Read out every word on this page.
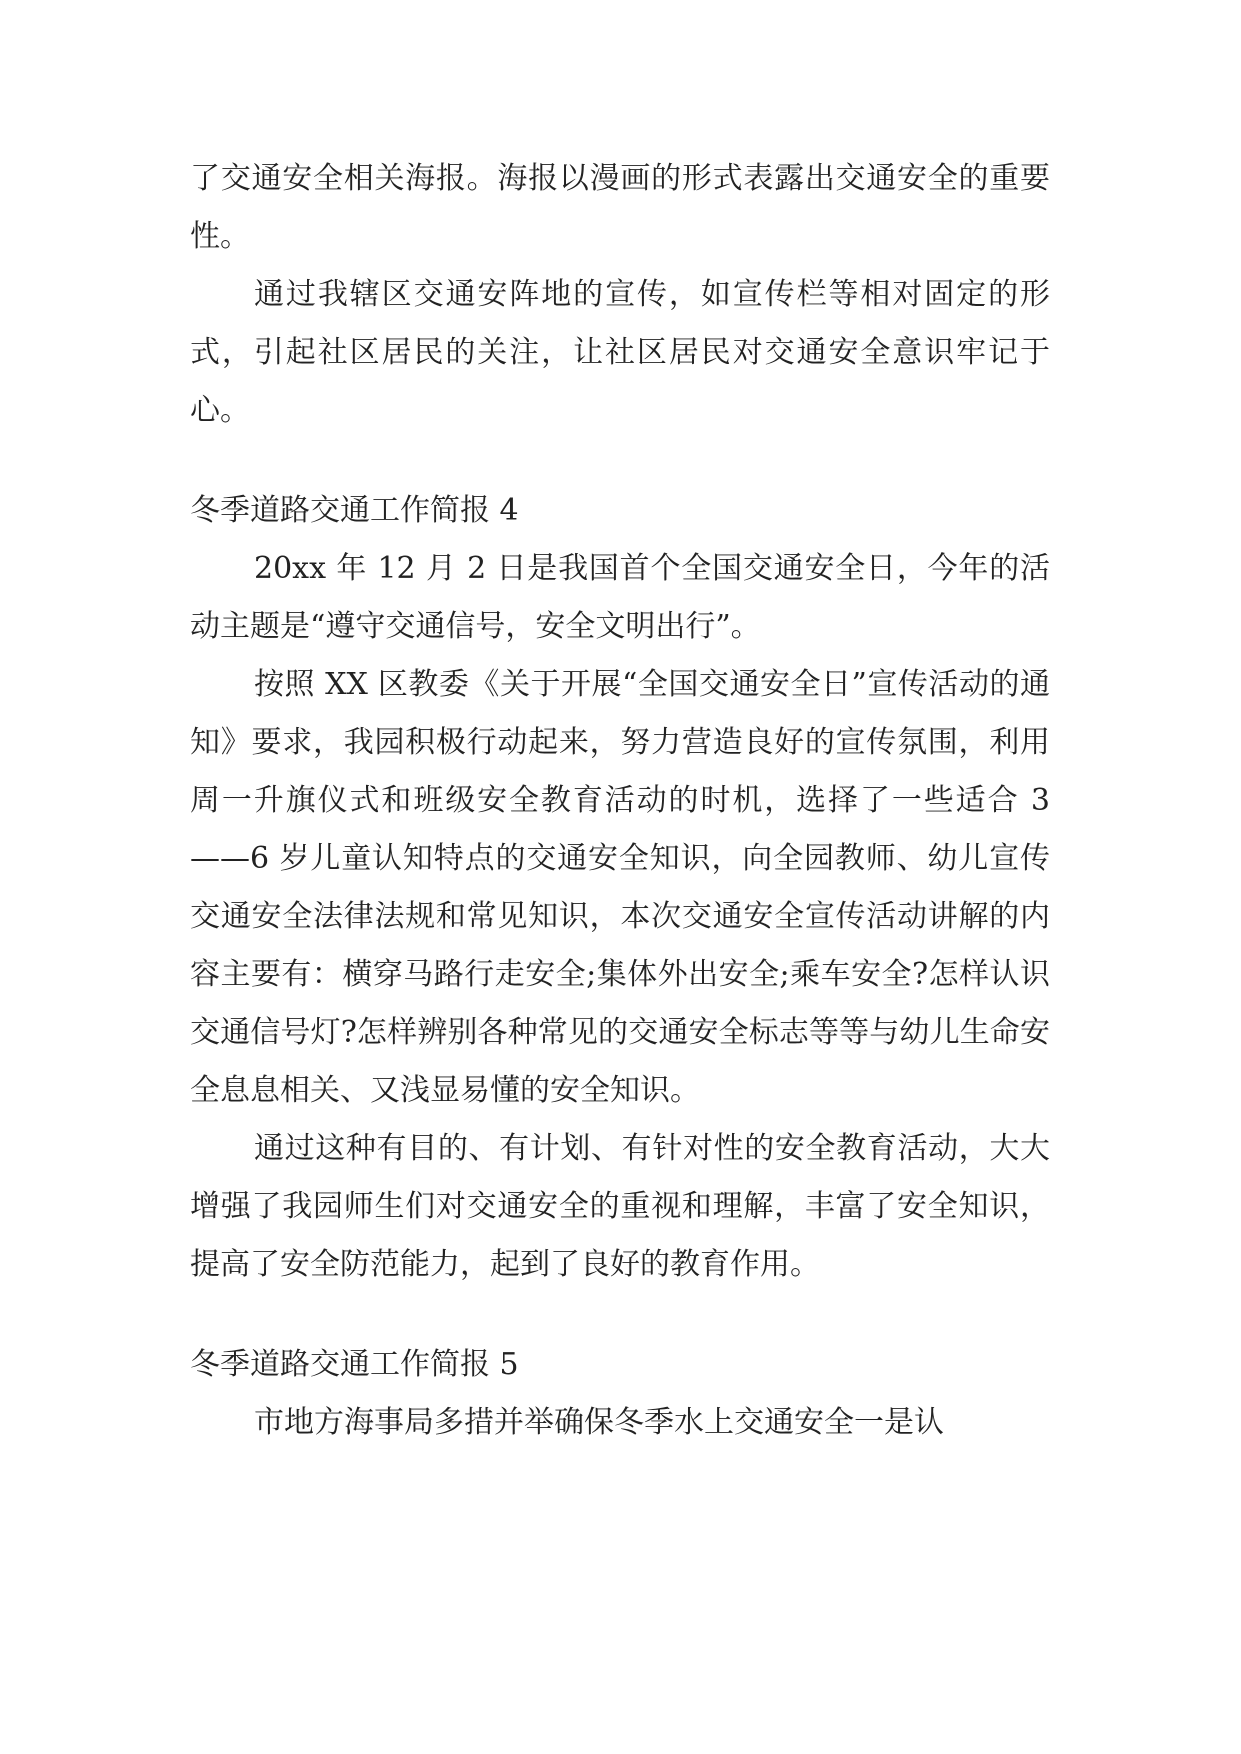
了交通安全相关海报。海报以漫画的形式表露出交通安全的重要性。

通过我辖区交通安阵地的宣传，如宣传栏等相对固定的形式，引起社区居民的关注，让社区居民对交通安全意识牢记于心。

冬季道路交通工作简报 4

20xx 年 12 月 2 日是我国首个全国交通安全日，今年的活动主题是“遵守交通信号，安全文明出行”。

按照 XX 区教委《关于开展“全国交通安全日”宣传活动的通知》要求，我园积极行动起来，努力营造良好的宣传氛围，利用周一升旗仪式和班级安全教育活动的时机，选择了一些适合 3——6 岁儿童认知特点的交通安全知识，向全园教师、幼儿宣传交通安全法律法规和常见知识，本次交通安全宣传活动讲解的内容主要有：横穿马路行走安全;集体外出安全;乘车安全?怎样认识交通信号灯?怎样辨别各种常见的交通安全标志等等与幼儿生命安全息息相关、又浅显易懂的安全知识。

通过这种有目的、有计划、有针对性的安全教育活动，大大增强了我园师生们对交通安全的重视和理解，丰富了安全知识，提高了安全防范能力，起到了良好的教育作用。

冬季道路交通工作简报 5

市地方海事局多措并举确保冬季水上交通安全一是认
